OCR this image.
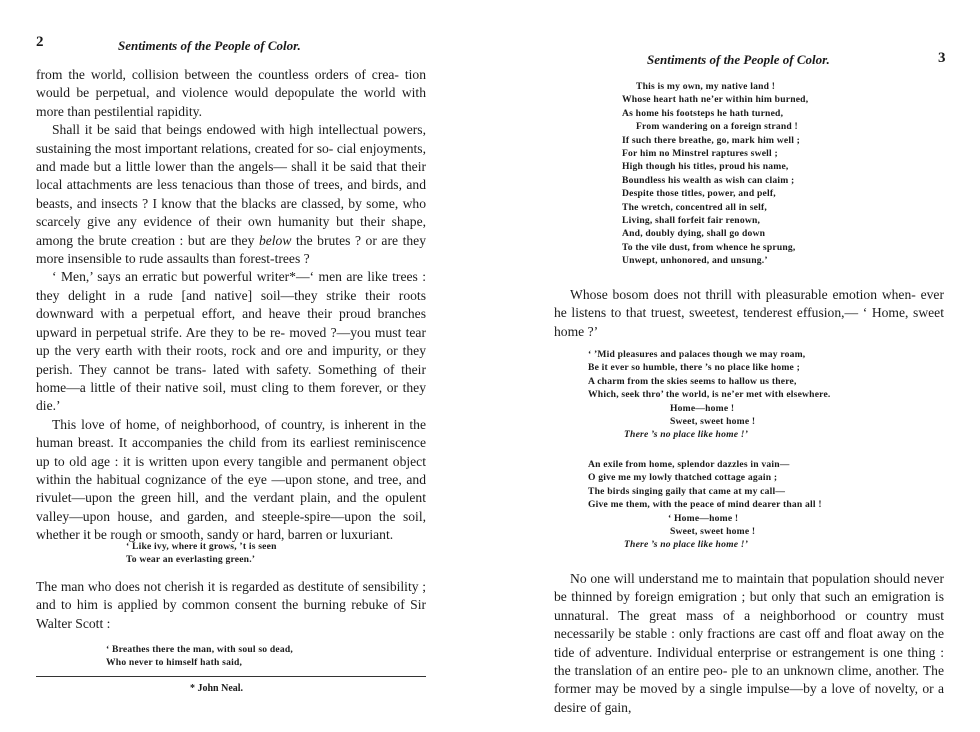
2	Sentiments of the People of Color.

from the world, collision between the countless orders of crea- tion would be perpetual, and violence would depopulate the world with more than pestilential rapidity.

Shall it be said that beings endowed with high intellectual powers, sustaining the most important relations, created for so- cial enjoyments, and made but a little lower than the angels— shall it be said that their local attachments are less tenacious than those of trees, and birds, and beasts, and insects ? I know that the blacks are classed, by some, who scarcely give any evidence of their own humanity but their shape, among the brute creation : but are they below the brutes ? or are they more insensible to rude assaults than forest-trees ?

‘ Men,’ says an erratic but powerful writer*—‘ men are like trees : they delight in a rude [and native] soil—they strike their roots downward with a perpetual effort, and heave their proud branches upward in perpetual strife. Are they to be re- moved ?—you must tear up the very earth with their roots, rock and ore and impurity, or they perish. They cannot be trans- lated with safety. Something of their home—a little of their native soil, must cling to them forever, or they die.’

This love of home, of neighborhood, of country, is inherent in the human breast. It accompanies the child from its earliest reminiscence up to old age : it is written upon every tangible and permanent object within the habitual cognizance of the eye —upon stone, and tree, and rivulet—upon the green hill, and the verdant plain, and the opulent valley—upon house, and garden, and steeple-spire—upon the soil, whether it be rough or smooth, sandy or hard, barren or luxuriant.

‘ Like ivy, where it grows, ’t is seen
To wear an everlasting green.’

The man who does not cherish it is regarded as destitute of sensibility ; and to him is applied by common consent the burning rebuke of Sir Walter Scott :

‘ Breathes there the man, with soul so dead,
Who never to himself hath said,
* John Neal.
Sentiments of the People of Color.	3
This is my own, my native land !
Whose heart hath ne’er within him burned,
As home his footsteps he hath turned,
From wandering on a foreign strand !
If such there breathe, go, mark him well ;
For him no Minstrel raptures swell ;
High though his titles, proud his name,
Boundless his wealth as wish can claim ;
Despite those titles, power, and pelf,
The wretch, concentred all in self,
Living, shall forfeit fair renown,
And, doubly dying, shall go down
To the vile dust, from whence he sprung,
Unwept, unhonored, and unsung.’

Whose bosom does not thrill with pleasurable emotion when- ever he listens to that truest, sweetest, tenderest effusion,— ‘ Home, sweet home ?’

‘ ’Mid pleasures and palaces though we may roam,
Be it ever so humble, there ’s no place like home ;
A charm from the skies seems to hallow us there,
Which, seek thro’ the world, is ne’er met with elsewhere.
Home—home !
Sweet, sweet home !
There ’s no place like home !’
An exile from home, splendor dazzles in vain—
O give me my lowly thatched cottage again ;
The birds singing gaily that came at my call—
Give me them, with the peace of mind dearer than all !
‘ Home—home !
Sweet, sweet home !
There ’s no place like home !’

No one will understand me to maintain that population should never be thinned by foreign emigration ; but only that such an emigration is unnatural. The great mass of a neighborhood or country must necessarily be stable : only fractions are cast off and float away on the tide of adventure. Individual enterprise or estrangement is one thing : the translation of an entire peo- ple to an unknown clime, another. The former may be moved by a single impulse—by a love of novelty, or a desire of gain,
